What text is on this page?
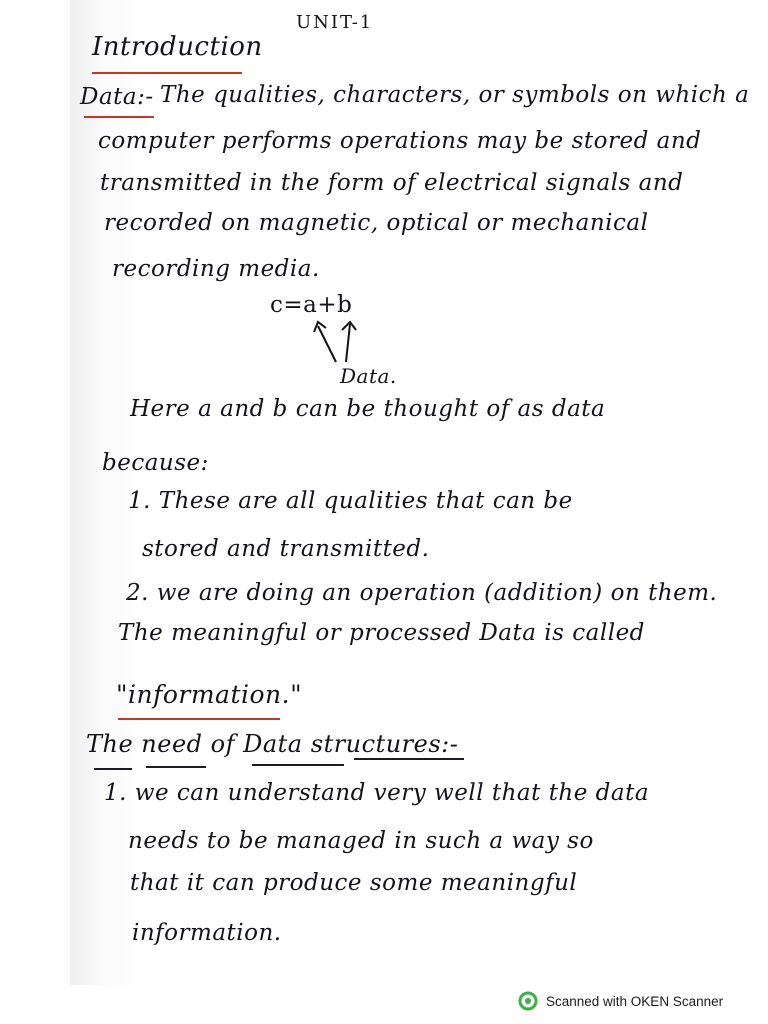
UNIT-1
Introduction
Data:- The qualities, characters, or symbols on which a
computer performs operations may be stored and
transmitted in the form of electrical signals and
recorded on magnetic, optical or mechanical
recording media.
c=a+b
Data.
Here a and b can be thought of as data
because:
1. These are all qualities that can be
stored and transmitted.
2. we are doing an operation (addition) on them.
The meaningful or processed Data is called
"information."
The need of Data structures:-
1. we can understand very well that the data
needs to be managed in such a way so
that it can produce some meaningful
information.
Scanned with OKEN Scanner
